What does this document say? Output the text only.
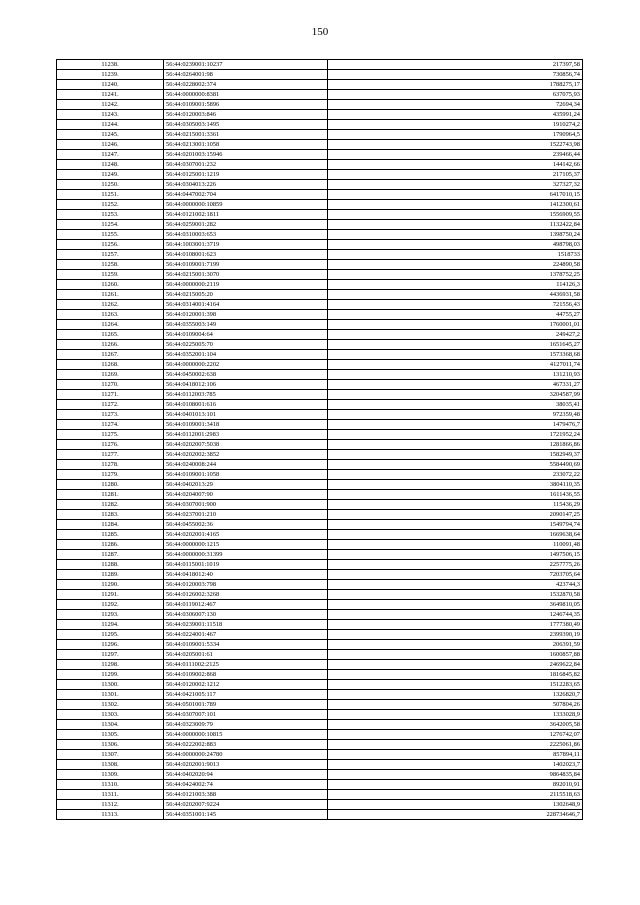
150
11238.	56:44:0239001:10237	217397,58
11239.	56:44:0264001:98	730856,74
11240.	56:44:0228002:374	1788275,17
11241.	56:44:0000000:8381	637075,93
11242.	56:44:0109001:5896	72694,34
11243.	56:44:0120003:846	435991,24
11244.	56:44:0305003:1495	1910274,2
11245.	56:44:0215001:3361	1790964,5
11246.	56:44:0213001:1058	1522743,98
11247.	56:44:0201003:15946	239466,44
11248.	56:44:0307001:232	144142,66
11249.	56:44:0125001:1219	217105,37
11250.	56:44:0304013:226	327327,32
11251.	56:44:0447002:704	6417010,15
11252.	56:44:0000000:10859	1412300,61
11253.	56:44:0121002:1811	1556909,55
11254.	56:44:0259001:282	1132422,84
11255.	56:44:0310003:653	1398750,24
11256.	56:44:1003001:3719	498798,03
11257.	56:44:0108001:623	1518733
11258.	56:44:0109001:7199	224890,58
11259.	56:44:0215001:3070	1378752,25
11260.	56:44:0000000:2119	114126,3
11261.	56:44:0215005:20	4436931,58
11262.	56:44:0314001:4164	721556,43
11263.	56:44:0120001:398	44755,27
11264.	56:44:0355003:149	1760001,01
11265.	56:44:0109004:64	249427,2
11266.	56:44:0225005:70	1651645,27
11267.	56:44:0352001:104	1573368,68
11268.	56:44:0000000:2202	4127011,74
11269.	56:44:0450002:638	131210,93
11270.	56:44:0418012:106	467331,27
11271.	56:44:0112003:785	3204587,99
11272.	56:44:0108001:616	38035,41
11273.	56:44:0401013:101	972359,48
11274.	56:44:0109001:3418	1479476,7
11275.	56:44:0112001:2983	1721952,24
11276.	56:44:0202007:5038	1281866,86
11277.	56:44:0202002:3852	1582949,37
11278.	56:44:0240008:244	5584490,69
11279.	56:44:0109001:1058	233072,22
11280.	56:44:0402013:29	3804110,35
11281.	56:44:0204007:90	1611436,55
11282.	56:44:0307001:900	115436,29
11283.	56:44:0237001:210	2090147,25
11284.	56:44:0455002:36	1549794,74
11285.	56:44:0202001:4165	1669638,64
11286.	56:44:0000000:1215	110091,48
11287.	56:44:0000000:31399	1497506,15
11288.	56:44:0115001:1019	2257775,26
11289.	56:44:0418012:40	7203705,64
11290.	56:44:0120003:798	423744,3
11291.	56:44:0126002:3268	1532870,58
11292.	56:44:0119012:467	3649810,05
11293.	56:44:0306007:130	1246744,35
11294.	56:44:0239001:11518	1777380,49
11295.	56:44:0224001:467	2399390,19
11296.	56:44:0109001:5334	206391,59
11297.	56:44:0205001:61	1600857,88
11298.	56:44:0111002:2125	2469622,84
11299.	56:44:0109002:868	1816845,82
11300.	56:44:0120002:1212	1512283,65
11301.	56:44:0421005:117	1326820,7
11302.	56:44:0501001:789	507804,26
11303.	56:44:0307007:101	1333028,9
11304.	56:44:0323009:79	3642005,58
11305.	56:44:0000000:10815	1276742,07
11306.	56:44:0222002:883	2225061,86
11307.	56:44:0000000:24780	857894,11
11308.	56:44:0202001:9013	1402023,7
11309.	56:44:0402020:94	9864835,84
11310.	56:44:0424002:74	892010,91
11311.	56:44:0121003:388	2115518,63
11312.	56:44:0202007:9224	1302648,9
11313.	56:44:0351001:145	228734646,7
